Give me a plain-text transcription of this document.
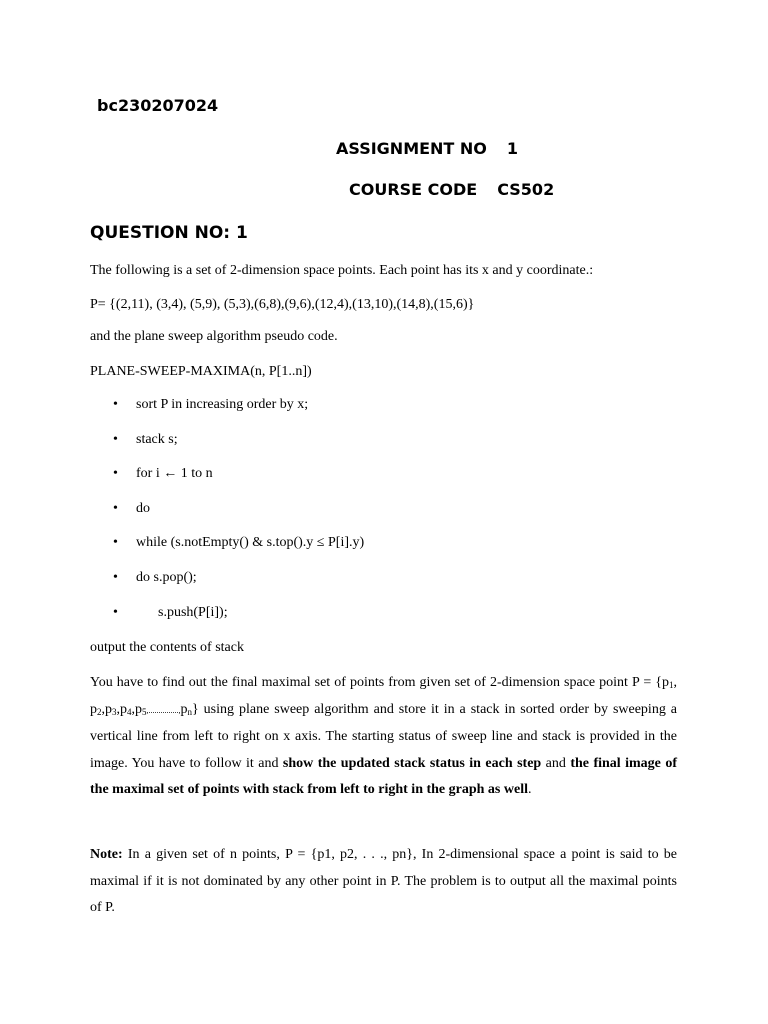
bc230207024
ASSIGNMENT NO 1
COURSE CODE CS502
QUESTION NO: 1
The following is a set of 2-dimension space points. Each point has its x and y coordinate.:
P= {(2,11), (3,4), (5,9), (5,3),(6,8),(9,6),(12,4),(13,10),(14,8),(15,6)}
and the plane sweep algorithm pseudo code.
PLANE-SWEEP-MAXIMA(n, P[1..n])
• sort P in increasing order by x;
• stack s;
• for i ← 1 to n
• do
• while (s.notEmpty() & s.top().y ≤ P[i].y)
• do s.pop();
•	s.push(P[i]);
output the contents of stack
You have to find out the final maximal set of points from given set of 2-dimension space point $P = \{p_1$, $p_2,p_3,p_4,p_5,...............,p_n$} using plane sweep algorithm and store it in a stack in sorted order by sweeping a vertical line from left to right on x axis. The starting status of sweep line and stack is provided in the image. You have to follow it and show the updated stack status in each step and the final image of the maximal set of points with stack from left to right in the graph as well.
Note: In a given set of n points, P = {p1, p2, . . ., pn}, In 2-dimensional space a point is said to be maximal if it is not dominated by any other point in P. The problem is to output all the maximal points of P.
